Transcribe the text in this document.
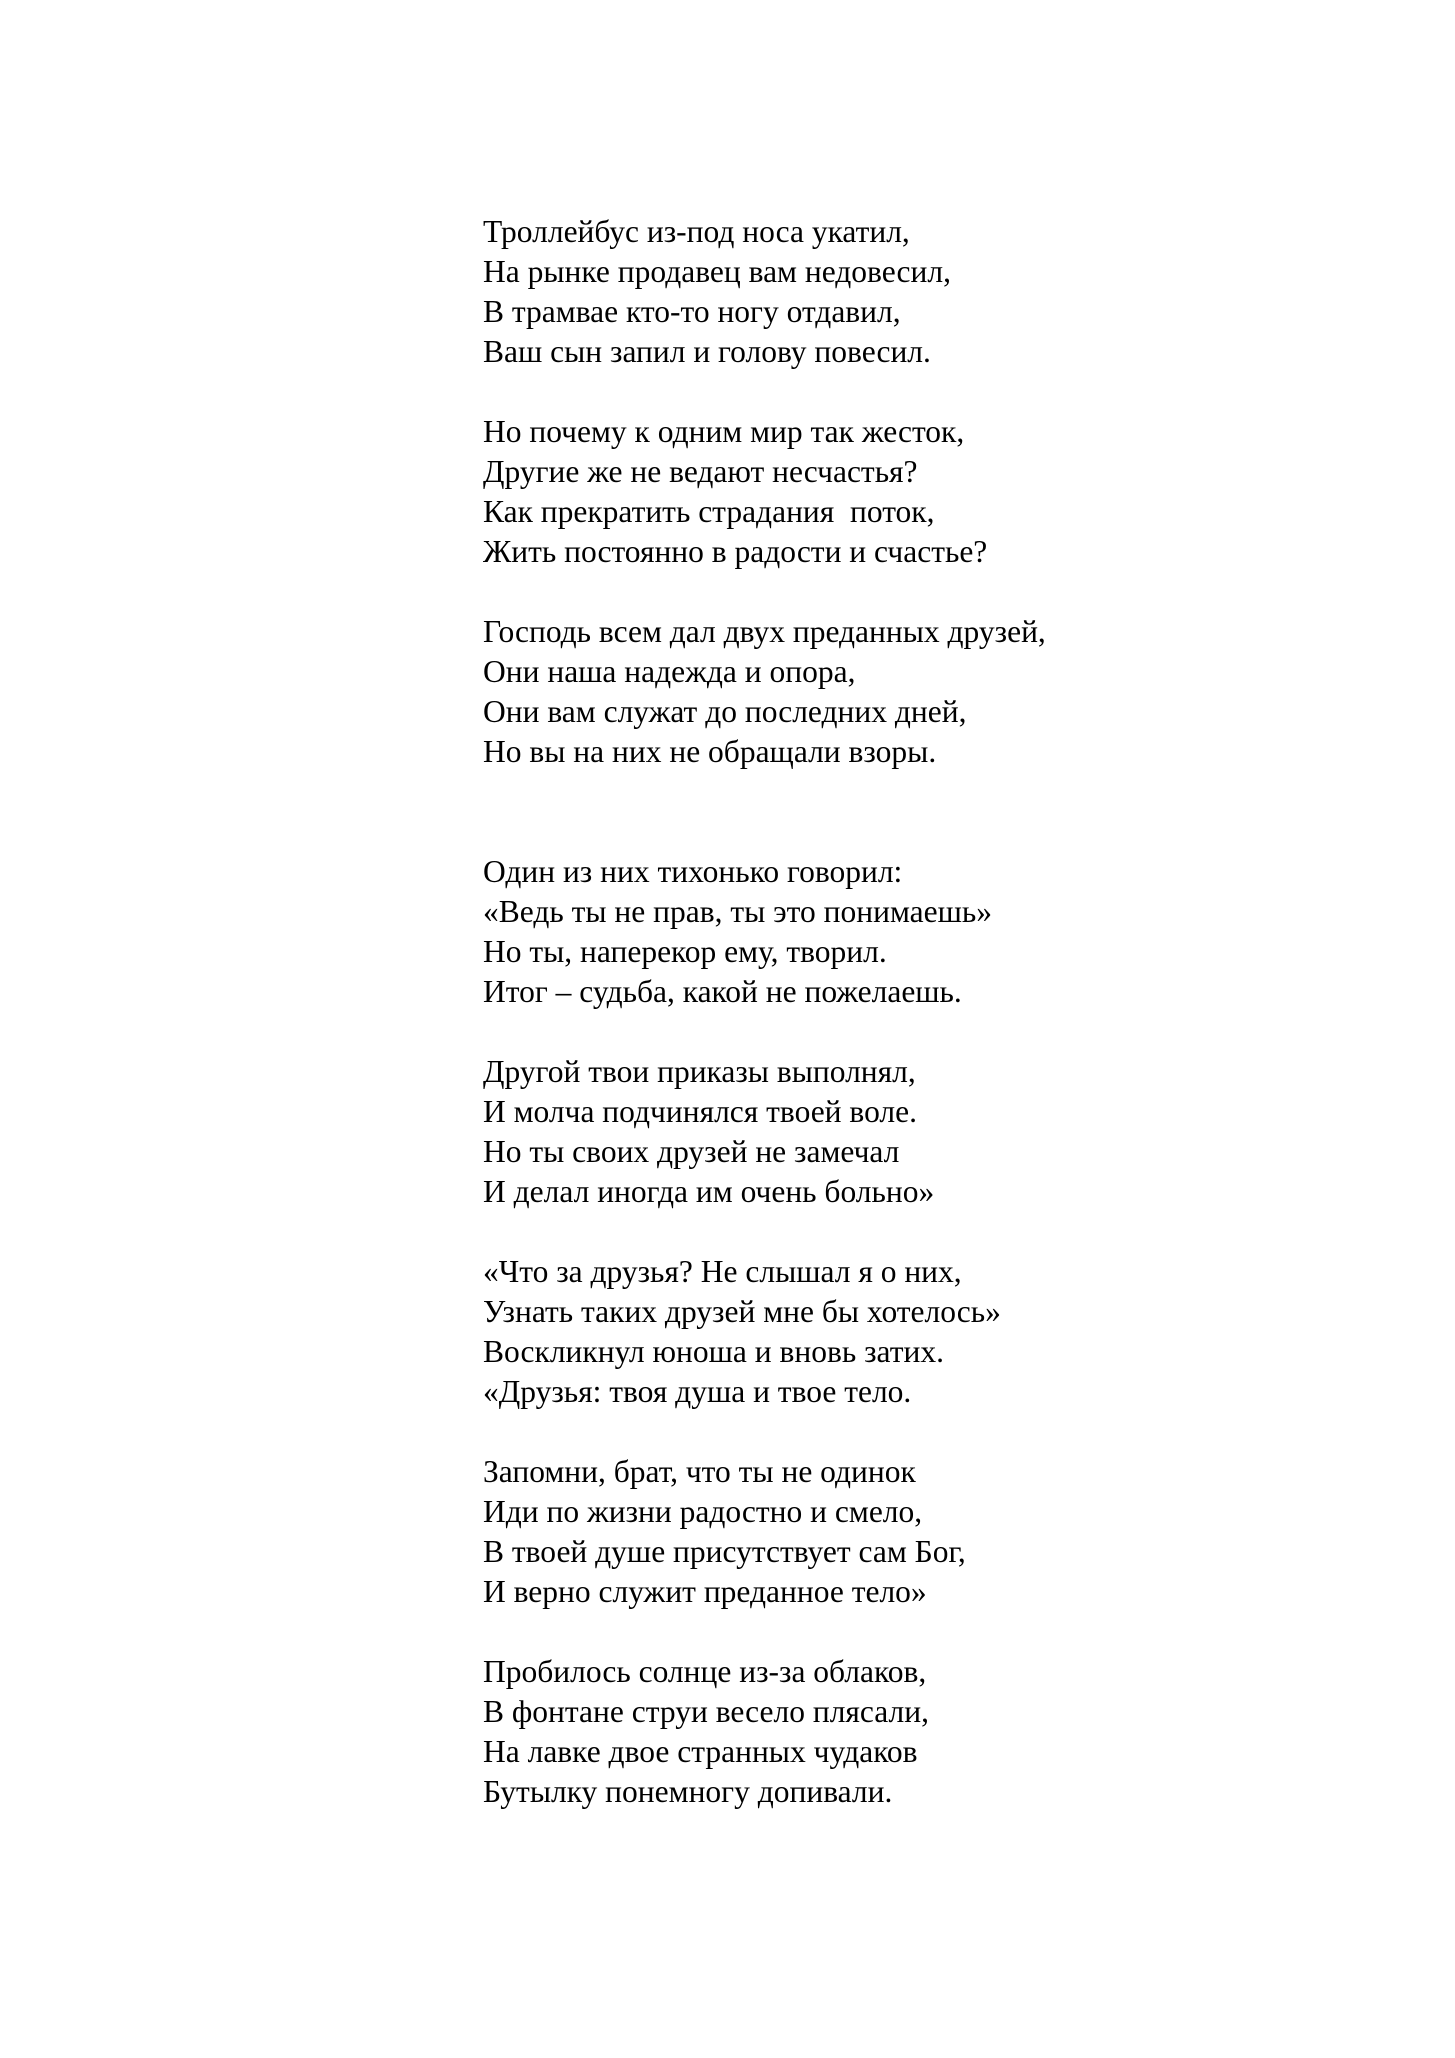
Троллейбус из-под носа укатил,
На рынке продавец вам недовесил,
В трамвае кто-то ногу отдавил,
Ваш сын запил и голову повесил.
Но почему к одним мир так жесток,
Другие же не ведают несчастья?
Как прекратить страдания  поток,
Жить постоянно в радости и счастье?
Господь всем дал двух преданных друзей,
Они наша надежда и опора,
Они вам служат до последних дней,
Но вы на них не обращали взоры.
Один из них тихонько говорил:
«Ведь ты не прав, ты это понимаешь»
Но ты, наперекор ему, творил.
Итог – судьба, какой не пожелаешь.
Другой твои приказы выполнял,
И молча подчинялся твоей воле.
Но ты своих друзей не замечал
И делал иногда им очень больно»
«Что за друзья? Не слышал я о них,
Узнать таких друзей мне бы хотелось»
Воскликнул юноша и вновь затих.
«Друзья: твоя душа и твое тело.
Запомни, брат, что ты не одинок
Иди по жизни радостно и смело,
В твоей душе присутствует сам Бог,
И верно служит преданное тело»
Пробилось солнце из-за облаков,
В фонтане струи весело плясали,
На лавке двое странных чудаков
Бутылку понемногу допивали.
